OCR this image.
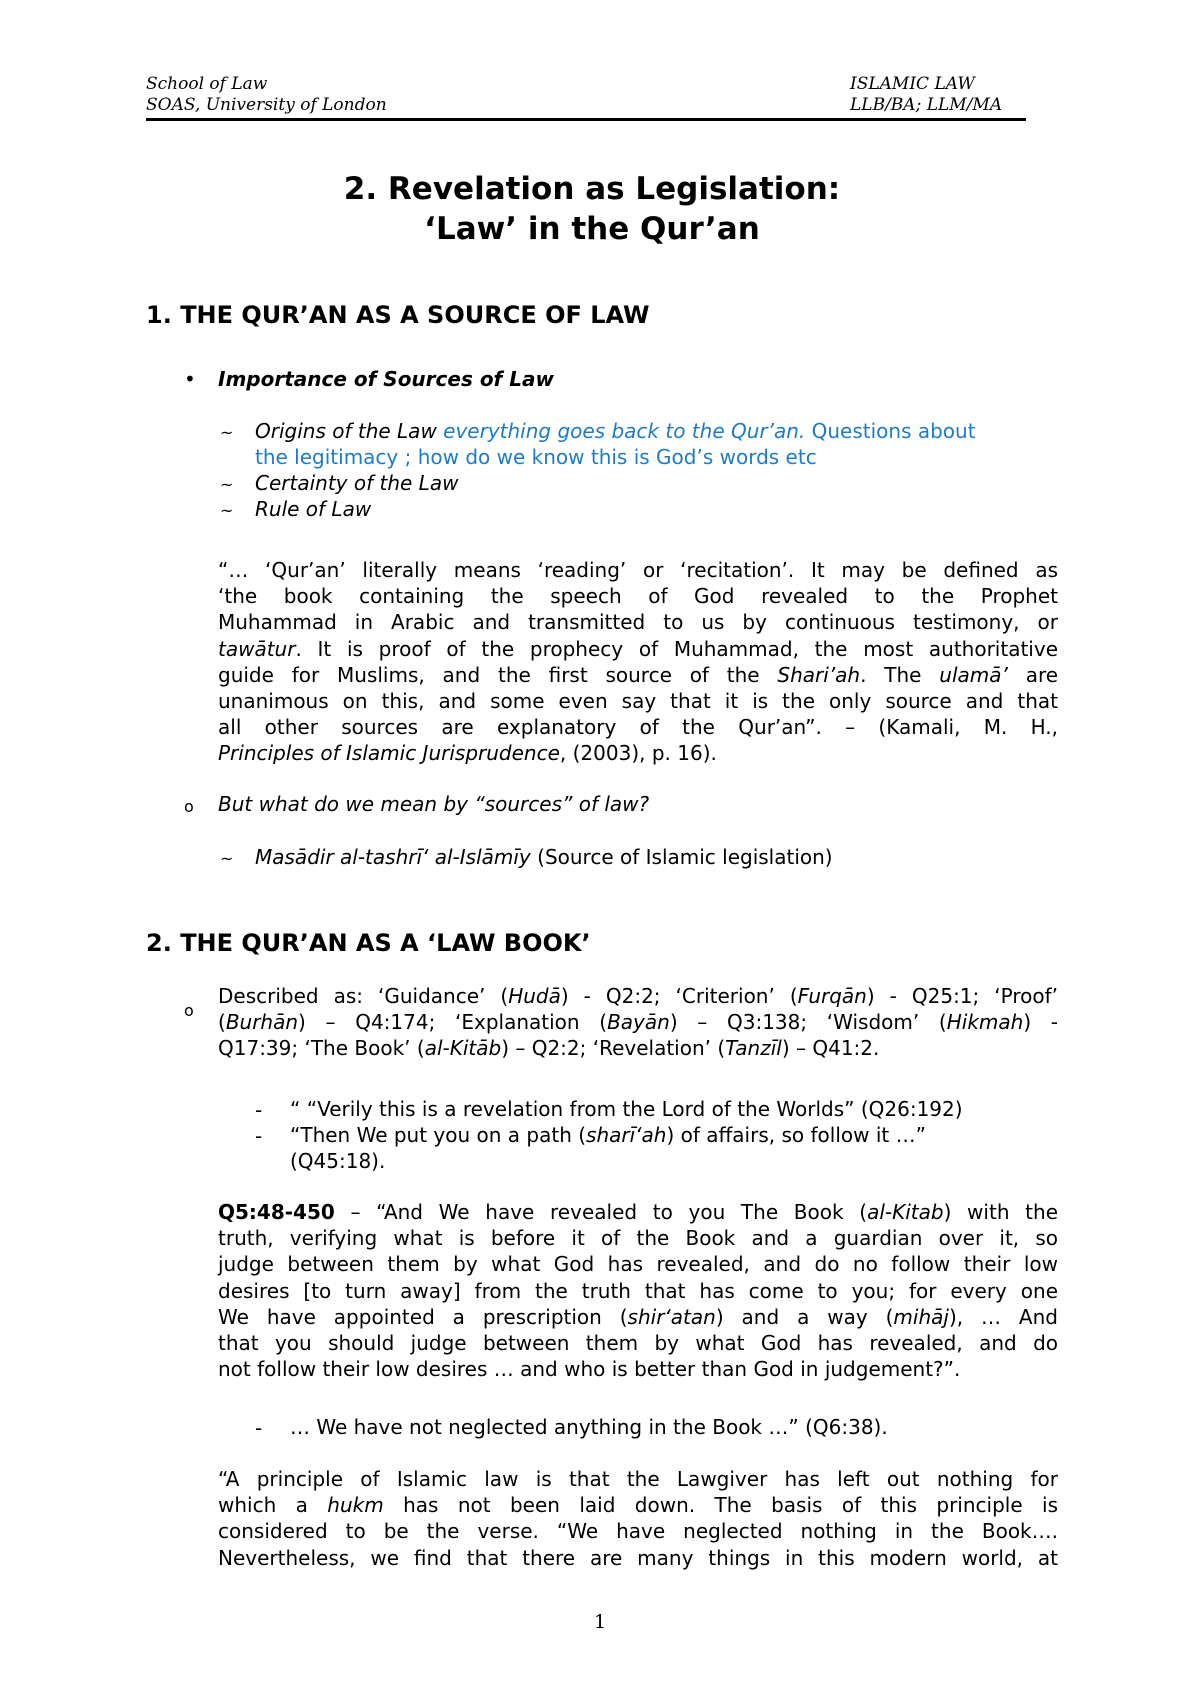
School of Law
SOAS, University of London
ISLAMIC LAW
LLB/BA; LLM/MA
2. Revelation as Legislation:
‘Law’ in the Qur’an
1. THE QUR’AN AS A SOURCE OF LAW
• Importance of Sources of Law
~ Origins of the Law everything goes back to the Qur’an. Questions about
the legitimacy ; how do we know this is God’s words etc
~ Certainty of the Law
~ Rule of Law
“… ‘Qur’an’ literally means ‘reading’ or ‘recitation’. It may be defined as
‘the book containing the speech of God revealed to the Prophet
Muhammad in Arabic and transmitted to us by continuous testimony, or
tawātur. It is proof of the prophecy of Muhammad, the most authoritative
guide for Muslims, and the first source of the Shari’ah. The ulamā’ are
unanimous on this, and some even say that it is the only source and that
all other sources are explanatory of the Qur’an”. – (Kamali, M. H.,
Principles of Islamic Jurisprudence, (2003), p. 16).
o But what do we mean by “sources” of law?
~ Masādir al-tashrī‘ al-Islāmīy (Source of Islamic legislation)
2. THE QUR’AN AS A ‘LAW BOOK’
o
Described as: ‘Guidance’ (Hudā) - Q2:2; ‘Criterion’ (Furqān) - Q25:1; ‘Proof’
(Burhān) – Q4:174; ‘Explanation (Bayān) – Q3:138; ‘Wisdom’ (Hikmah) -
Q17:39; ‘The Book’ (al-Kitāb) – Q2:2; ‘Revelation’ (Tanzīl) – Q41:2.
- “ “Verily this is a revelation from the Lord of the Worlds” (Q26:192)
- “Then We put you on a path (sharī‘ah) of affairs, so follow it …”
(Q45:18).
Q5:48-450 – “And We have revealed to you The Book (al-Kitab) with the
truth, verifying what is before it of the Book and a guardian over it, so
judge between them by what God has revealed, and do no follow their low
desires [to turn away] from the truth that has come to you; for every one
We have appointed a prescription (shir‘atan) and a way (mihāj), … And
that you should judge between them by what God has revealed, and do
not follow their low desires … and who is better than God in judgement?”.
- … We have not neglected anything in the Book …” (Q6:38).
“A principle of Islamic law is that the Lawgiver has left out nothing for
which a hukm has not been laid down. The basis of this principle is
considered to be the verse. “We have neglected nothing in the Book….
Nevertheless, we find that there are many things in this modern world, at
1
